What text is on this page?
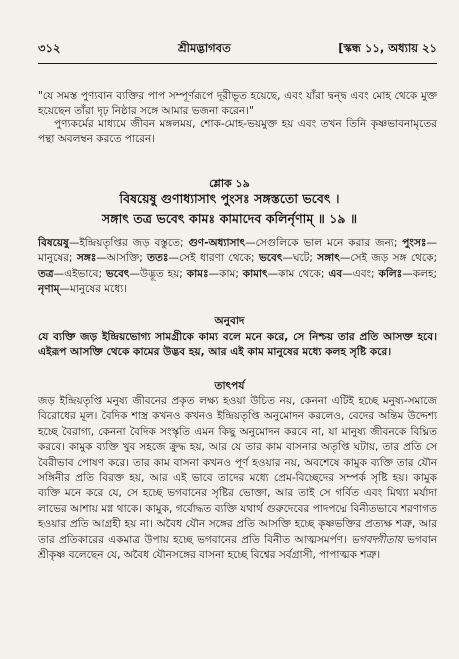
৩১২	শ্রীমদ্ভাগবত	[স্কন্ধ ১১, অধ্যায় ২১
"যে সমস্ত পুণ্যবান ব্যক্তির পাপ সম্পূর্ণরূপে দূরীভূত হয়েছে, এবং যাঁরা দ্বন্দ্ব এবং মোহ থেকে মুক্ত হয়েছেন তাঁরা দৃঢ় নিষ্ঠার সঙ্গে আমার ভজনা করেন।"
পুণ্যকর্মের মাধ্যমে জীবন মঙ্গলময়, শোক-মোহ-ভয়মুক্ত হয় এবং তখন তিনি কৃষ্ণভাবনামৃতের পন্থা অবলম্বন করতে পারেন।
শ্লোক ১৯
বিষয়েষু গুণাধ্যাসাৎ পুংসঃ সঙ্গস্ততো ভবেৎ ।
সঙ্গাৎ তত্র ভবেৎ কামঃ কামাদেব কলির্নৃণাম্ ॥ ১৯ ॥
বিষয়েষু—ইন্দ্রিয়তৃপ্তির জড় বস্তুতে; গুণ-অধ্যাসাৎ—সেগুলিকে ভাল মনে করার জন্য; পুংসঃ—মানুষের; সঙ্গঃ—আসক্তি; ততঃ—সেই ধারণা থেকে; ভবেৎ—ঘটে; সঙ্গাৎ—সেই জড় সঙ্গ থেকে; তত্র—এইভাবে; ভবেৎ—উদ্ভূত হয়; কামঃ—কাম; কামাৎ—কাম থেকে; এব—এবং; কলিঃ—কলহ; নৃণাম্—মানুষের মধ্যে।
অনুবাদ
যে ব্যক্তি জড় ইন্দ্রিয়ভোগ্য সামগ্রীকে কাম্য বলে মনে করে, সে নিশ্চয় তার প্রতি আসক্ত হবে। এইরূপ আসক্তি থেকে কামের উদ্ভব হয়, আর এই কাম মানুষের মধ্যে কলহ সৃষ্টি করে।
তাৎপর্য
জড় ইন্দ্রিয়তৃপ্তি মনুষ্য জীবনের প্রকৃত লক্ষ্য হওয়া উচিত নয়, কেননা এটিই হচ্ছে মনুষ্য-সমাজে বিরোধের মূল। বৈদিক শাস্ত্র কখনও কখনও ইন্দ্রিয়তৃপ্তি অনুমোদন করলেও, বেদের অন্তিম উদ্দেশ্য হচ্ছে বৈরাগ্য, কেননা বৈদিক সংস্কৃতি এমন কিছু অনুমোদন করবে না, যা মানুষ্য জীবনকে বিঘ্নিত করবে। কামুক ব্যক্তি খুব সহজে ক্রুদ্ধ হয়, আর যে তার কাম বাসনার অতৃপ্তি ঘটায়, তার প্রতি সে বৈরীভাব পোষণ করে। তার কাম বাসনা কখনও পূর্ণ হওয়ার নয়, অবশেষে কামুক ব্যক্তি তার যৌন সঙ্গিনীর প্রতি বিরক্ত হয়, আর এই ভাবে তাদের মধ্যে প্রেম-বিচ্ছেদের সম্পর্ক সৃষ্টি হয়। কামুক ব্যক্তি মনে করে যে, সে হচ্ছে ভগবানের সৃষ্টির ভোক্তা, আর তাই সে গর্বিত এবং মিথ্যা মর্যাদা লাভের আশায় মগ্ন থাকে। কামুক, গর্বোদ্ধত ব্যক্তি যথার্থ গুরুদেবের পাদপদ্মে বিনীতভাবে শরণাগত হওয়ার প্রতি আগ্রহী হয় না। অবৈধ যৌন সঙ্গের প্রতি আসক্তি হচ্ছে কৃষ্ণভক্তির প্রত্যক্ষ শত্রু, আর তার প্রতিকারের একমাত্র উপায় হচ্ছে ভগবানের প্রতি বিনীত আত্মসমর্পণ। ভগবদ্গীতায় ভগবান শ্রীকৃষ্ণ বলেছেন যে, অবৈধ যৌনসঙ্গের বাসনা হচ্ছে বিশ্বের সর্বগ্রাসী, পাপাত্মক শত্রু।
